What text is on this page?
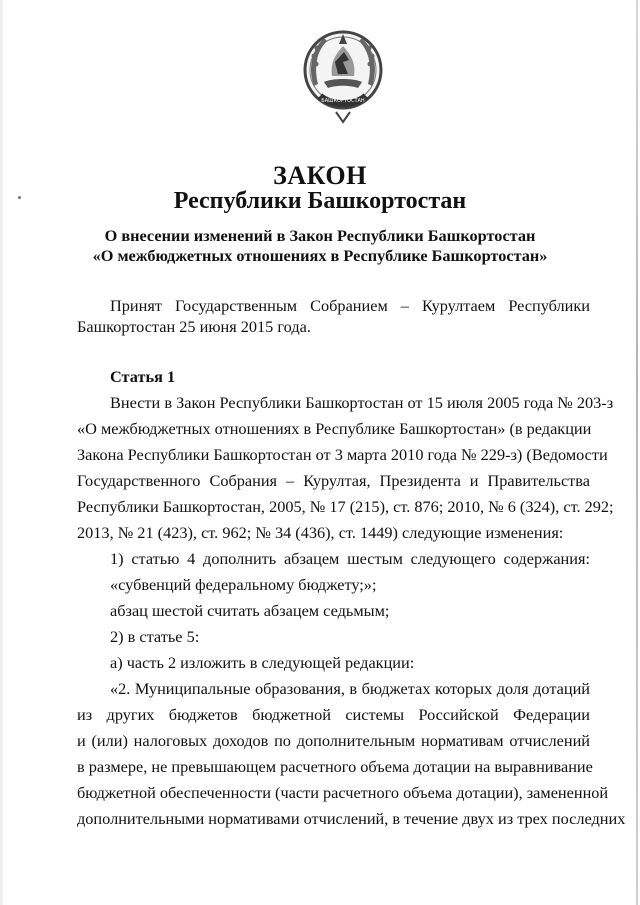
БАШКОРТОСТАН
ЗАКОН
Республики Башкортостан
О внесении изменений в Закон Республики Башкортостан
«О межбюджетных отношениях в Республике Башкортостан»
Принят Государственным Собранием – Курултаем Республики
Башкортостан 25 июня 2015 года.
Статья 1
Внести в Закон Республики Башкортостан от 15 июля 2005 года № 203-з
«О межбюджетных отношениях в Республике Башкортостан» (в редакции
Закона Республики Башкортостан от 3 марта 2010 года № 229-з) (Ведомости
Государственного Собрания – Курултая, Президента и Правительства
Республики Башкортостан, 2005, № 17 (215), ст. 876; 2010, № 6 (324), ст. 292;
2013, № 21 (423), ст. 962; № 34 (436), ст. 1449) следующие изменения:
1) статью 4 дополнить абзацем шестым следующего содержания:
«субвенций федеральному бюджету;»;
абзац шестой считать абзацем седьмым;
2) в статье 5:
а) часть 2 изложить в следующей редакции:
«2. Муниципальные образования, в бюджетах которых доля дотаций
из других бюджетов бюджетной системы Российской Федерации
и (или) налоговых доходов по дополнительным нормативам отчислений
в размере, не превышающем расчетного объема дотации на выравнивание
бюджетной обеспеченности (части расчетного объема дотации), замененной
дополнительными нормативами отчислений, в течение двух из трех последних
